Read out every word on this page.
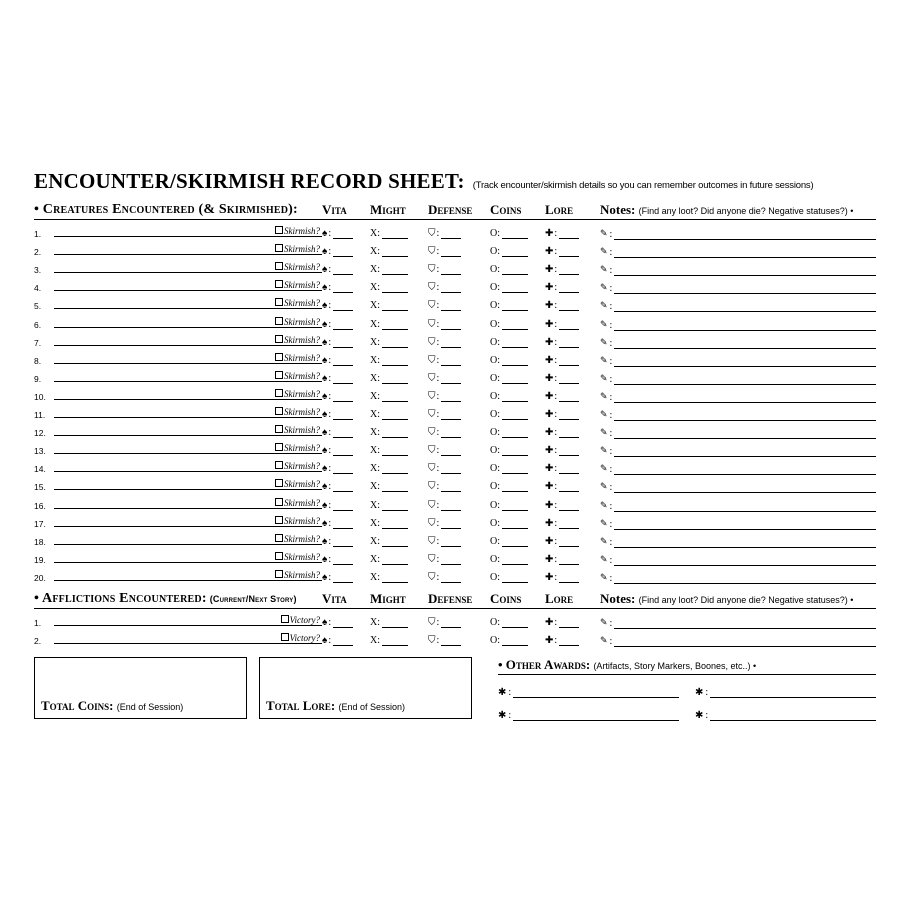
ENCOUNTER/SKIRMISH RECORD SHEET: (Track encounter/skirmish details so you can remember outcomes in future sessions)
• Creatures Encountered (& Skirmished):	Vita	Might	Defense	Coins	Lore	Notes: (Find any loot? Did anyone die? Negative statuses?) •
1.	Skirmish? ♠ :	X:	⛉ :	O:	✚ :	✎ :
2.	Skirmish? ♠ :	X:	⛉ :	O:	✚ :	✎ :
3.	Skirmish? ♠ :	X:	⛉ :	O:	✚ :	✎ :
4.	Skirmish? ♠ :	X:	⛉ :	O:	✚ :	✎ :
5.	Skirmish? ♠ :	X:	⛉ :	O:	✚ :	✎ :
6.	Skirmish? ♠ :	X:	⛉ :	O:	✚ :	✎ :
7.	Skirmish? ♠ :	X:	⛉ :	O:	✚ :	✎ :
8.	Skirmish? ♠ :	X:	⛉ :	O:	✚ :	✎ :
9.	Skirmish? ♠ :	X:	⛉ :	O:	✚ :	✎ :
10.	Skirmish? ♠ :	X:	⛉ :	O:	✚ :	✎ :
11.	Skirmish? ♠ :	X:	⛉ :	O:	✚ :	✎ :
12.	Skirmish? ♠ :	X:	⛉ :	O:	✚ :	✎ :
13.	Skirmish? ♠ :	X:	⛉ :	O:	✚ :	✎ :
14.	Skirmish? ♠ :	X:	⛉ :	O:	✚ :	✎ :
15.	Skirmish? ♠ :	X:	⛉ :	O:	✚ :	✎ :
16.	Skirmish? ♠ :	X:	⛉ :	O:	✚ :	✎ :
17.	Skirmish? ♠ :	X:	⛉ :	O:	✚ :	✎ :
18.	Skirmish? ♠ :	X:	⛉ :	O:	✚ :	✎ :
19.	Skirmish? ♠ :	X:	⛉ :	O:	✚ :	✎ :
20.	Skirmish? ♠ :	X:	⛉ :	O:	✚ :	✎ :
• Afflictions Encountered: (Current/Next Story)	Vita	Might	Defense	Coins	Lore	Notes: (Find any loot? Did anyone die? Negative statuses?) •
1.	Victory? ♠ :	X:	⛉ :	O:	✚ :	✎ :
2.	Victory? ♠ :	X:	⛉ :	O:	✚ :	✎ :
Total Coins: (End of Session)	Total Lore: (End of Session)
• Other Awards: (Artifacts, Story Markers, Boones, etc..) •
✱ :	✱ :
✱ :	✱ :
